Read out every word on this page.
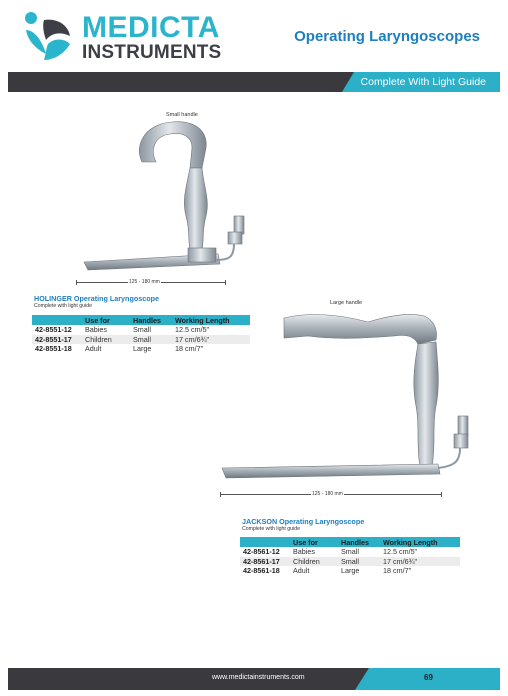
MEDICTA
INSTRUMENTS
Operating Laryngoscopes
Complete With Light Guide
Small handle
125 - 180 mm
HOLINGER Operating Laryngoscope
Complete with light guide
	Use for	Handles	Working Length
42-8551-12	Babies	Small	12.5 cm/5"
42-8551-17	Children	Small	17 cm/6¾"
42-8551-18	Adult	Large	18 cm/7"
Large handle
125 - 180 mm
JACKSON Operating Laryngoscope
Complete with light guide
	Use for	Handles	Working Length
42-8561-12	Babies	Small	12.5 cm/5"
42-8561-17	Children	Small	17 cm/6¾"
42-8561-18	Adult	Large	18 cm/7"
www.medictainstruments.com	69
